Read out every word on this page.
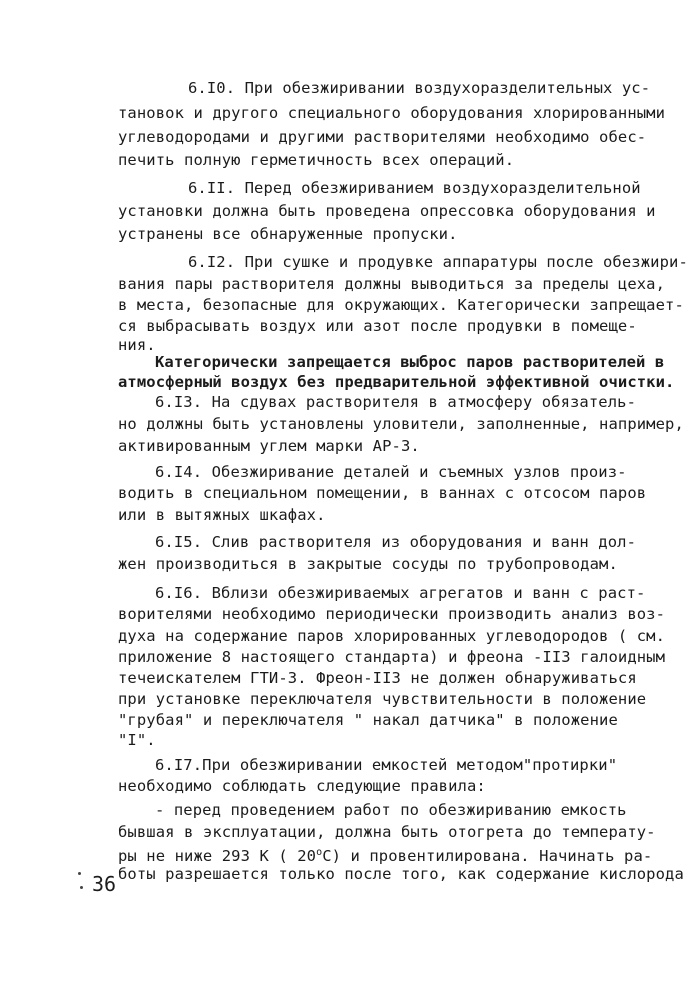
6.I0. При обезжиривании воздухоразделительных ус-
тановок и другого специального оборудования хлорированными
углеводородами и другими растворителями необходимо обес-
печить полную герметичность всех операций.
6.II. Перед обезжириванием воздухоразделительной
установки должна быть проведена опрессовка оборудования и
устранены все обнаруженные пропуски.
6.I2. При сушке и продувке аппаратуры после обезжири-
вания пары растворителя должны выводиться за пределы цеха,
в места, безопасные для окружающих. Категорически запрещает-
ся выбрасывать воздух или азот после продувки в помеще-
ния.
Категорически запрещается выброс паров растворителей в
атмосферный воздух без предварительной эффективной очистки.
6.I3. На сдувах растворителя в атмосферу обязатель-
но должны быть установлены уловители, заполненные, например,
активированным углем марки АР-3.
6.I4. Обезжиривание деталей и съемных узлов произ-
водить в специальном помещении, в ваннах с отсосом паров
или в вытяжных шкафах.
6.I5. Слив растворителя из оборудования и ванн дол-
жен производиться в закрытые сосуды по трубопроводам.
6.I6. Вблизи обезжириваемых агрегатов и ванн с раст-
ворителями необходимо периодически производить анализ воз-
духа на содержание паров хлорированных углеводородов ( см.
приложение 8 настоящего стандарта) и фреона -II3 галоидным
течеискателем ГТИ-3. Фреон-II3 не должен обнаруживаться
при установке переключателя чувствительности в положение
"грубая" и переключателя " накал датчика" в положение
"I".
6.I7.При обезжиривании емкостей методом"протирки"
необходимо соблюдать следующие правила:
- перед проведением работ по обезжириванию емкость
бывшая в эксплуатации, должна быть отогрета до температу-
ры не ниже 293 К ( 20$^o$С) и провентилирована. Начинать ра-
боты разрешается только после того, как содержание кислорода
36
